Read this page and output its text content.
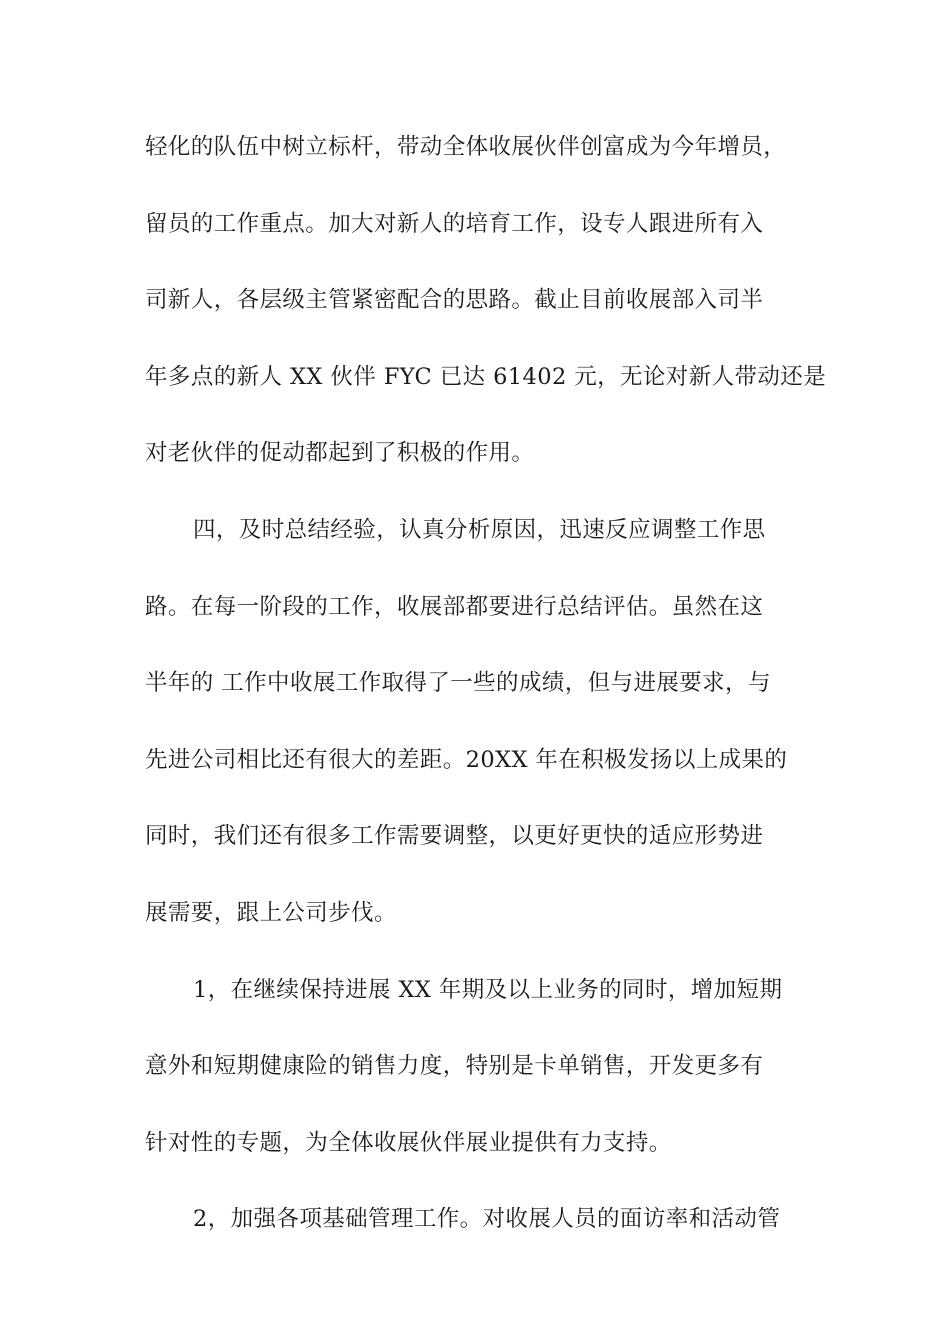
轻化的队伍中树立标杆，带动全体收展伙伴创富成为今年增员，
留员的工作重点。加大对新人的培育工作，设专人跟进所有入
司新人，各层级主管紧密配合的思路。截止目前收展部入司半
年多点的新人 XX 伙伴 FYC 已达 61402 元，无论对新人带动还是
对老伙伴的促动都起到了积极的作用。
四，及时总结经验，认真分析原因，迅速反应调整工作思
路。在每一阶段的工作，收展部都要进行总结评估。虽然在这
半年的 工作中收展工作取得了一些的成绩，但与进展要求，与
先进公司相比还有很大的差距。20XX 年在积极发扬以上成果的
同时，我们还有很多工作需要调整，以更好更快的适应形势进
展需要，跟上公司步伐。
1，在继续保持进展 XX 年期及以上业务的同时，增加短期
意外和短期健康险的销售力度，特别是卡单销售，开发更多有
针对性的专题，为全体收展伙伴展业提供有力支持。
2，加强各项基础管理工作。对收展人员的面访率和活动管
